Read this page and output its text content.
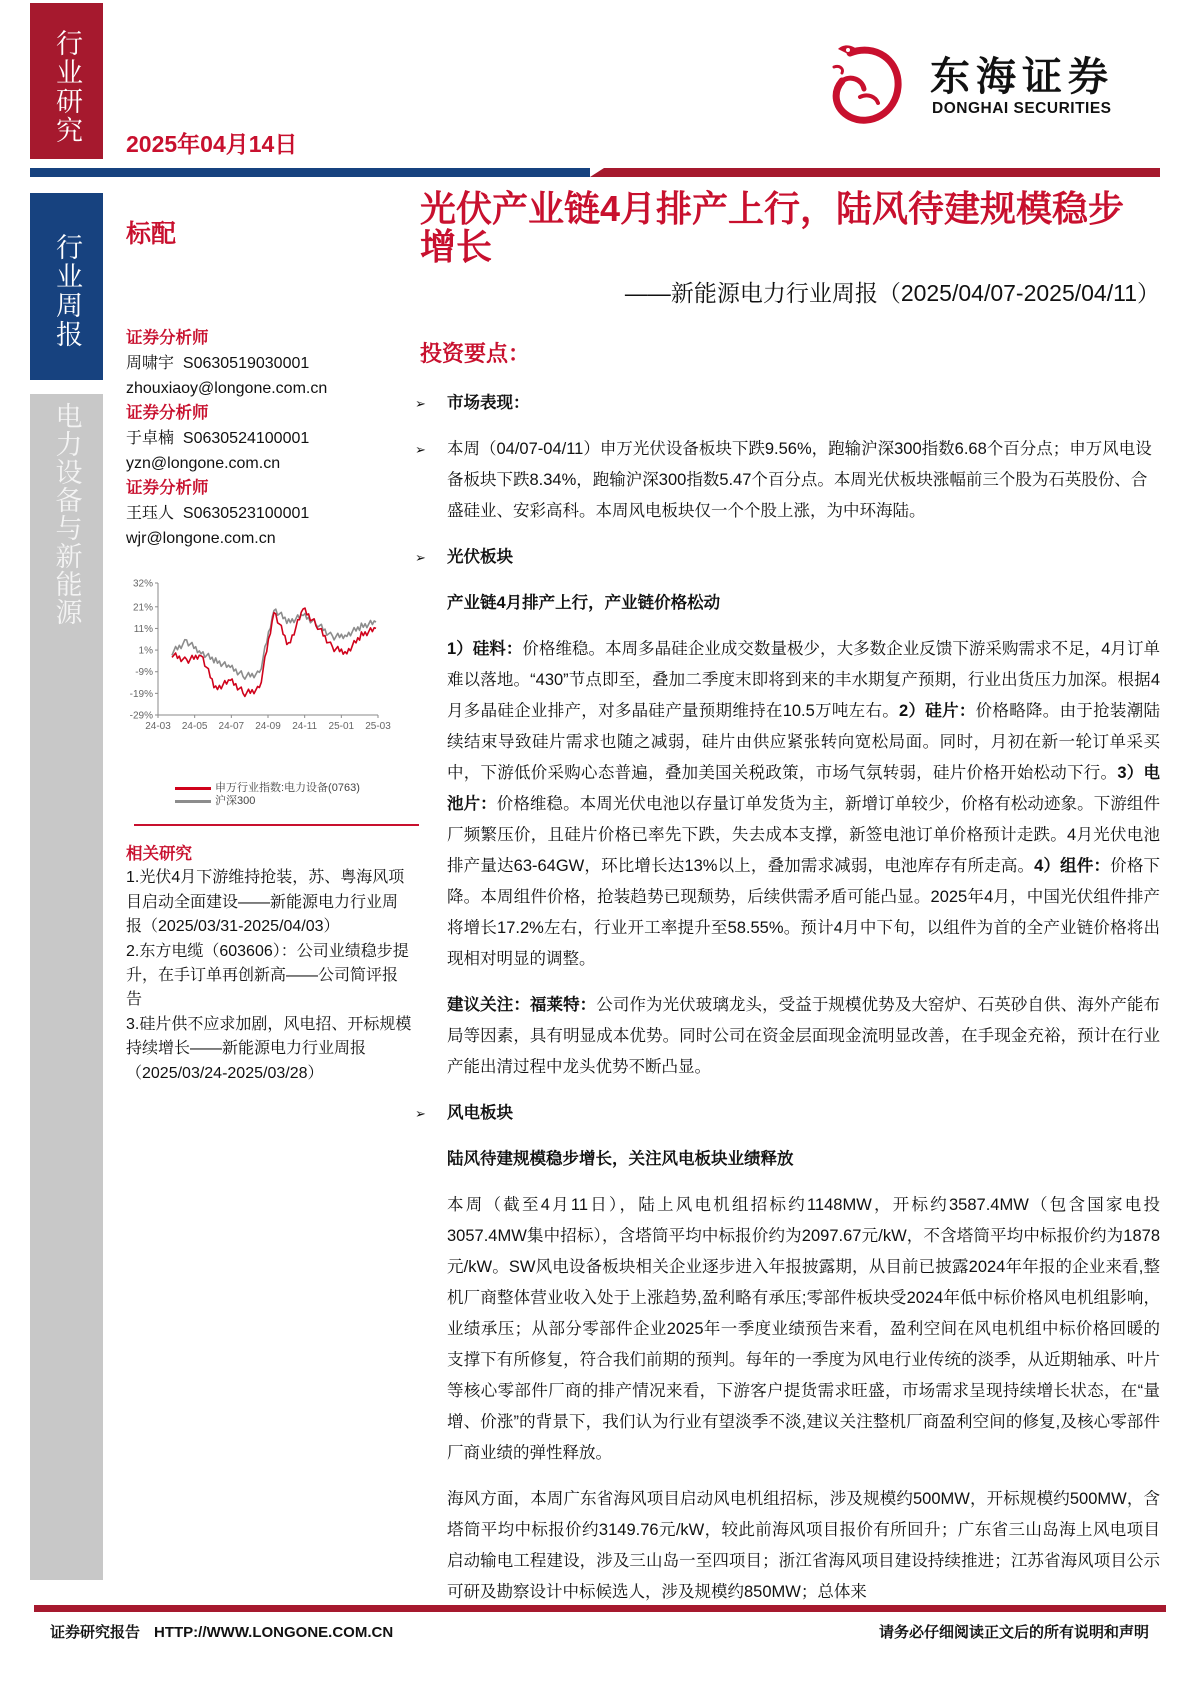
行业研究
行业周报
电力设备与新能源
2025年04月14日
东海证券
DONGHAI SECURITIES
标配
证券分析师
周啸宇 S0630519030001
zhouxiaoy@longone.com.cn
证券分析师
于卓楠 S0630524100001
yzn@longone.com.cn
证券分析师
王珏人 S0630523100001
wjr@longone.com.cn
32%
21%
11%
1%
-9%
-19%
-29%
24-03 24-05 24-07 24-09 24-11 25-01 25-03
申万行业指数:电力设备(0763)
沪深300
相关研究
1.光伏4月下游维持抢装，苏、粤海风项目启动全面建设——新能源电力行业周报（2025/03/31-2025/04/03）
2.东方电缆（603606）：公司业绩稳步提升，在手订单再创新高——公司简评报告
3.硅片供不应求加剧，风电招、开标规模持续增长——新能源电力行业周报（2025/03/24-2025/03/28）
光伏产业链4月排产上行，陆风待建规模稳步增长
——新能源电力行业周报（2025/04/07-2025/04/11）
投资要点：
➢ 市场表现：
➢ 本周（04/07-04/11）申万光伏设备板块下跌9.56%，跑输沪深300指数6.68个百分点；申万风电设备板块下跌8.34%，跑输沪深300指数5.47个百分点。本周光伏板块涨幅前三个股为石英股份、合盛硅业、安彩高科。本周风电板块仅一个个股上涨，为中环海陆。
➢ 光伏板块
产业链4月排产上行，产业链价格松动
1）硅料：价格维稳。本周多晶硅企业成交数量极少，大多数企业反馈下游采购需求不足，4月订单难以落地。“430”节点即至，叠加二季度末即将到来的丰水期复产预期，行业出货压力加深。根据4月多晶硅企业排产，对多晶硅产量预期维持在10.5万吨左右。2）硅片：价格略降。由于抢装潮陆续结束导致硅片需求也随之减弱，硅片由供应紧张转向宽松局面。同时，月初在新一轮订单采买中，下游低价采购心态普遍，叠加美国关税政策，市场气氛转弱，硅片价格开始松动下行。3）电池片：价格维稳。本周光伏电池以存量订单发货为主，新增订单较少，价格有松动迹象。下游组件厂频繁压价，且硅片价格已率先下跌，失去成本支撑，新签电池订单价格预计走跌。4月光伏电池排产量达63-64GW，环比增长达13%以上，叠加需求减弱，电池库存有所走高。4）组件：价格下降。本周组件价格，抢装趋势已现颓势，后续供需矛盾可能凸显。2025年4月，中国光伏组件排产将增长17.2%左右，行业开工率提升至58.55%。预计4月中下旬，以组件为首的全产业链价格将出现相对明显的调整。
建议关注：福莱特：公司作为光伏玻璃龙头，受益于规模优势及大窑炉、石英砂自供、海外产能布局等因素，具有明显成本优势。同时公司在资金层面现金流明显改善，在手现金充裕，预计在行业产能出清过程中龙头优势不断凸显。
➢ 风电板块
陆风待建规模稳步增长，关注风电板块业绩释放
本周（截至4月11日），陆上风电机组招标约1148MW，开标约3587.4MW（包含国家电投3057.4MW集中招标），含塔筒平均中标报价约为2097.67元/kW，不含塔筒平均中标报价约为1878元/kW。SW风电设备板块相关企业逐步进入年报披露期，从目前已披露2024年年报的企业来看,整机厂商整体营业收入处于上涨趋势,盈利略有承压;零部件板块受2024年低中标价格风电机组影响，业绩承压；从部分零部件企业2025年一季度业绩预告来看，盈利空间在风电机组中标价格回暖的支撑下有所修复，符合我们前期的预判。每年的一季度为风电行业传统的淡季，从近期轴承、叶片等核心零部件厂商的排产情况来看，下游客户提货需求旺盛，市场需求呈现持续增长状态，在“量增、价涨”的背景下，我们认为行业有望淡季不淡,建议关注整机厂商盈利空间的修复,及核心零部件厂商业绩的弹性释放。
海风方面，本周广东省海风项目启动风电机组招标，涉及规模约500MW，开标规模约500MW，含塔筒平均中标报价约3149.76元/kW，较此前海风项目报价有所回升；广东省三山岛海上风电项目启动输电工程建设，涉及三山岛一至四项目；浙江省海风项目建设持续推进；江苏省海风项目公示可研及勘察设计中标候选人，涉及规模约850MW；总体来
证券研究报告 HTTP://WWW.LONGONE.COM.CN	请务必仔细阅读正文后的所有说明和声明
